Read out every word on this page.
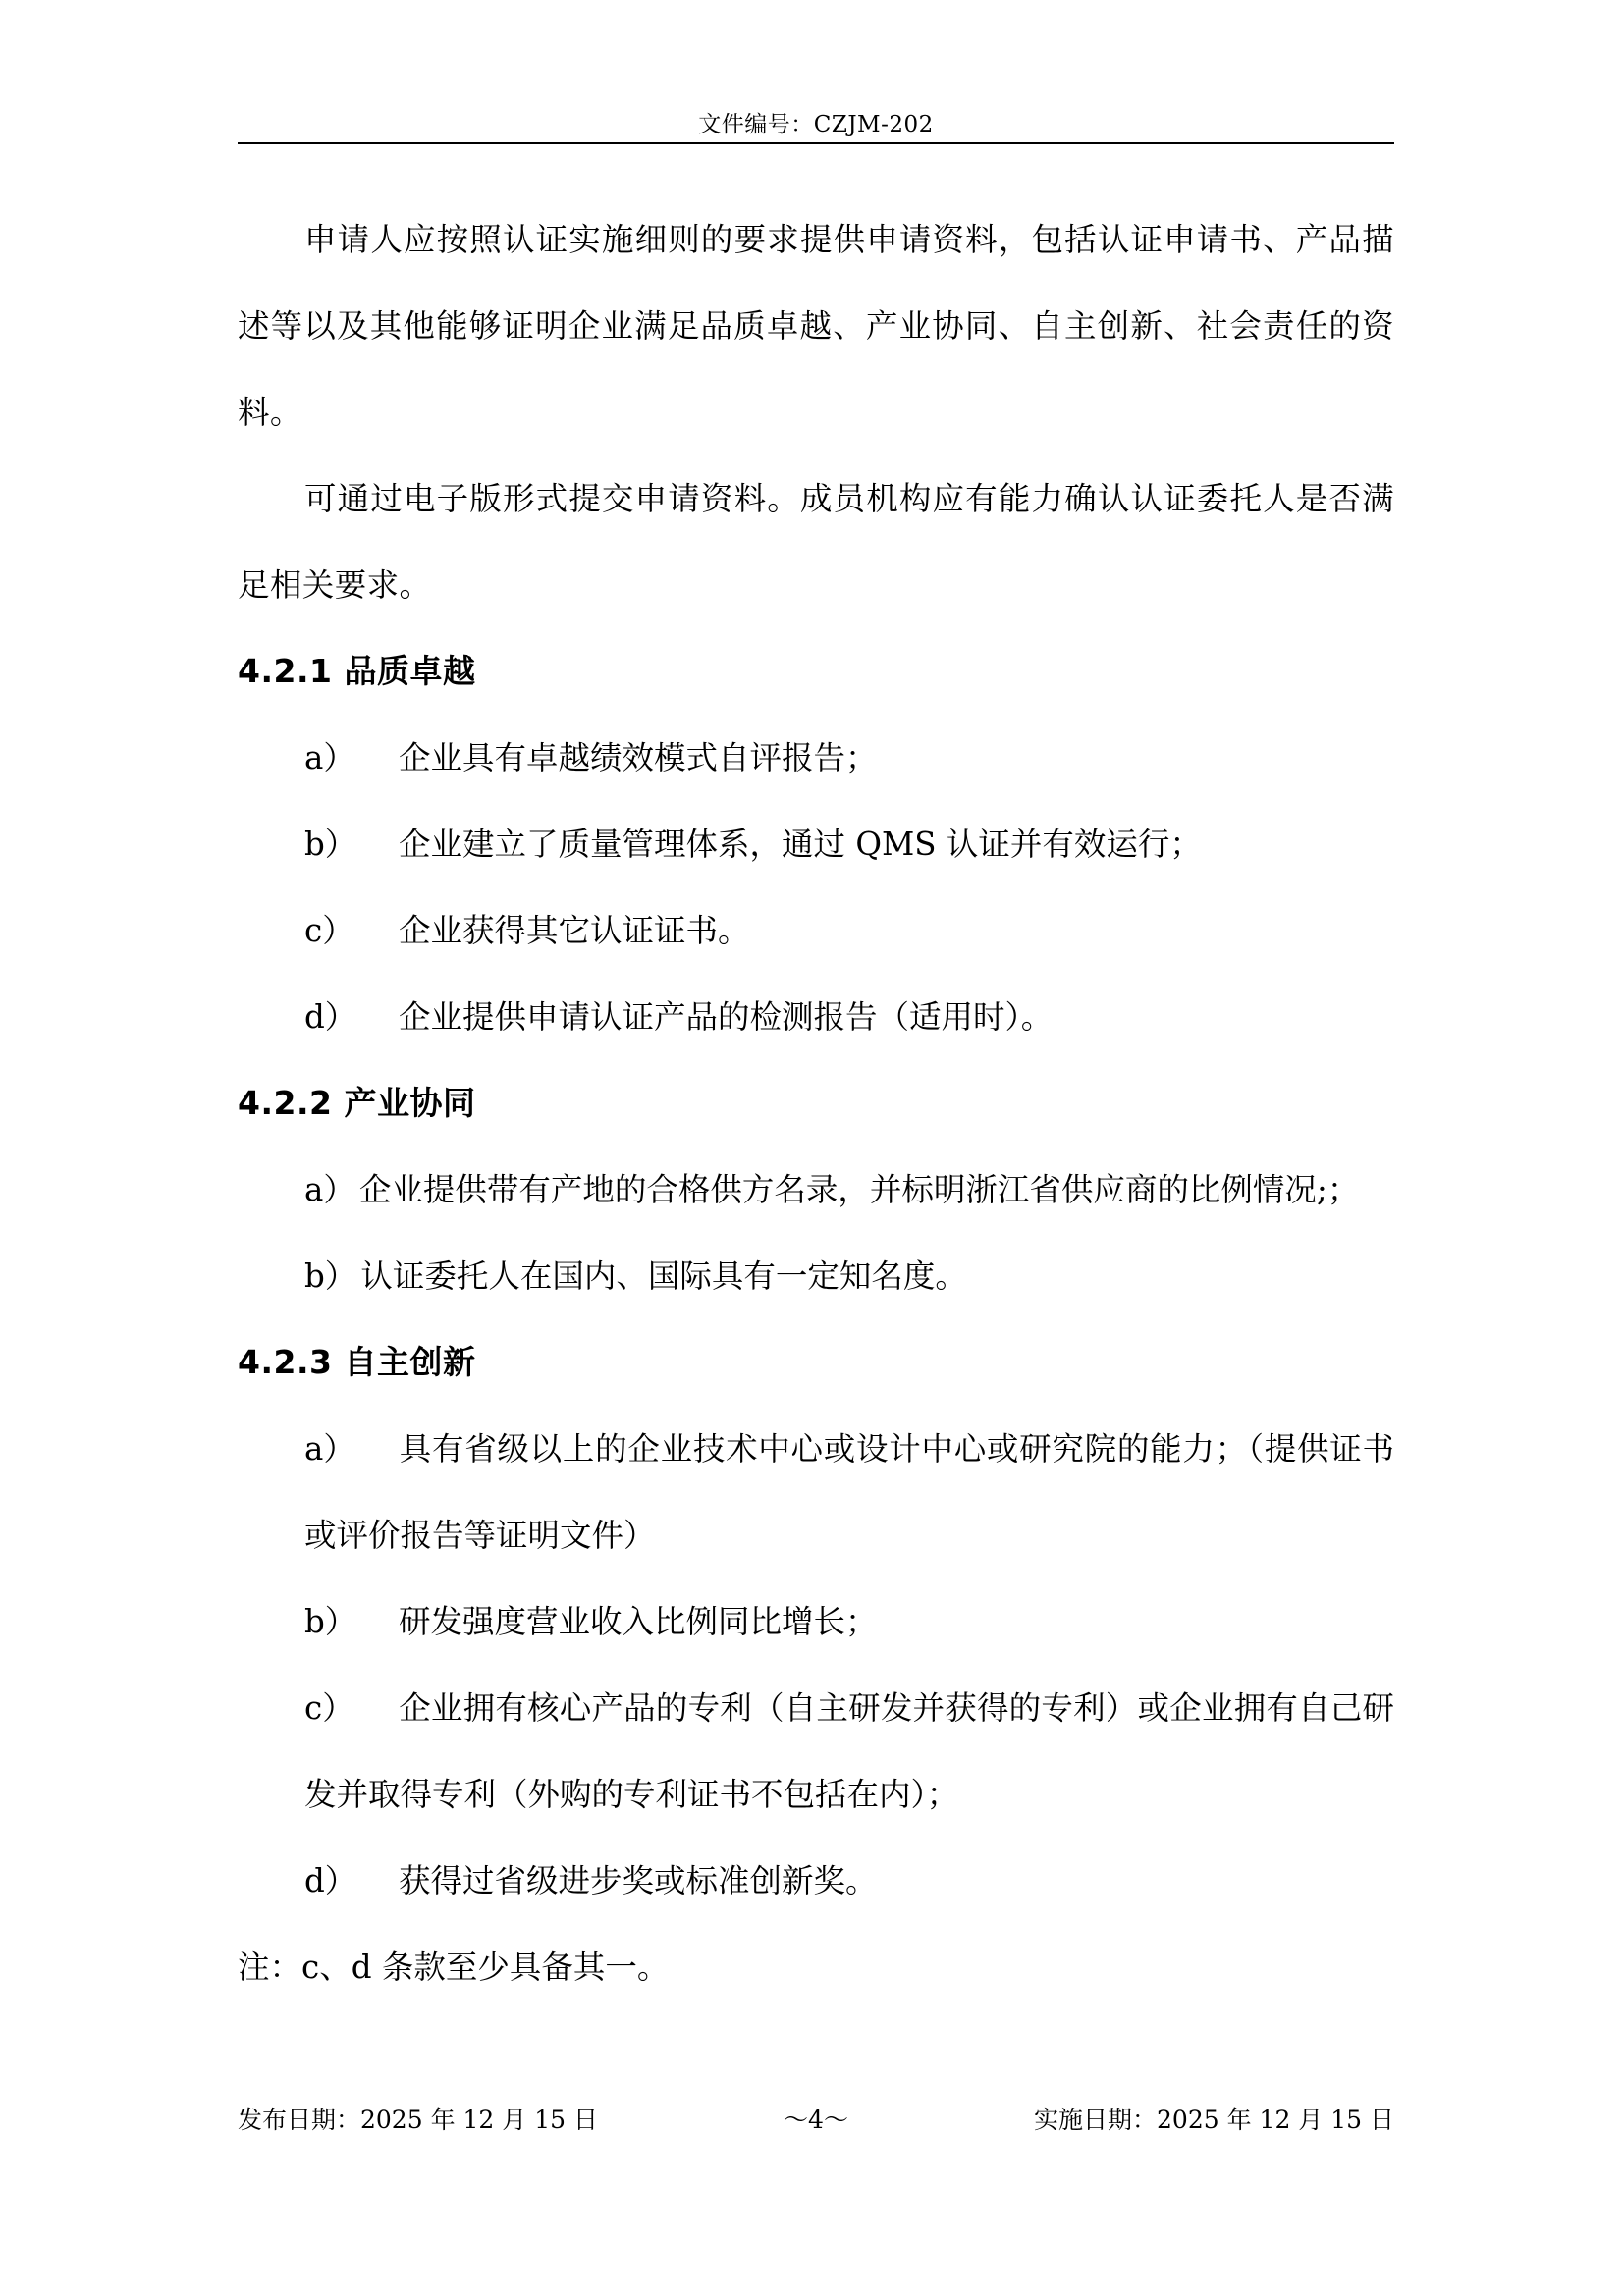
文件编号：CZJM-202

申请人应按照认证实施细则的要求提供申请资料，包括认证申请书、产品描述等以及其他能够证明企业满足品质卓越、产业协同、自主创新、社会责任的资料。

可通过电子版形式提交申请资料。成员机构应有能力确认认证委托人是否满足相关要求。

4.2.1 品质卓越
a） 企业具有卓越绩效模式自评报告；
b） 企业建立了质量管理体系，通过 QMS 认证并有效运行；
c） 企业获得其它认证证书。
d） 企业提供申请认证产品的检测报告（适用时）。
4.2.2 产业协同
a） 企业提供带有产地的合格供方名录，并标明浙江省供应商的比例情况;；
b） 认证委托人在国内、国际具有一定知名度。
4.2.3 自主创新
a） 具有省级以上的企业技术中心或设计中心或研究院的能力；（提供证书或评价报告等证明文件）
b） 研发强度营业收入比例同比增长；
c） 企业拥有核心产品的专利（自主研发并获得的专利）或企业拥有自己研发并取得专利（外购的专利证书不包括在内）；
d） 获得过省级进步奖或标准创新奖。
注：c、d 条款至少具备其一。
发布日期：2025 年 12 月 15 日	～4～	实施日期：2025 年 12 月 15 日
